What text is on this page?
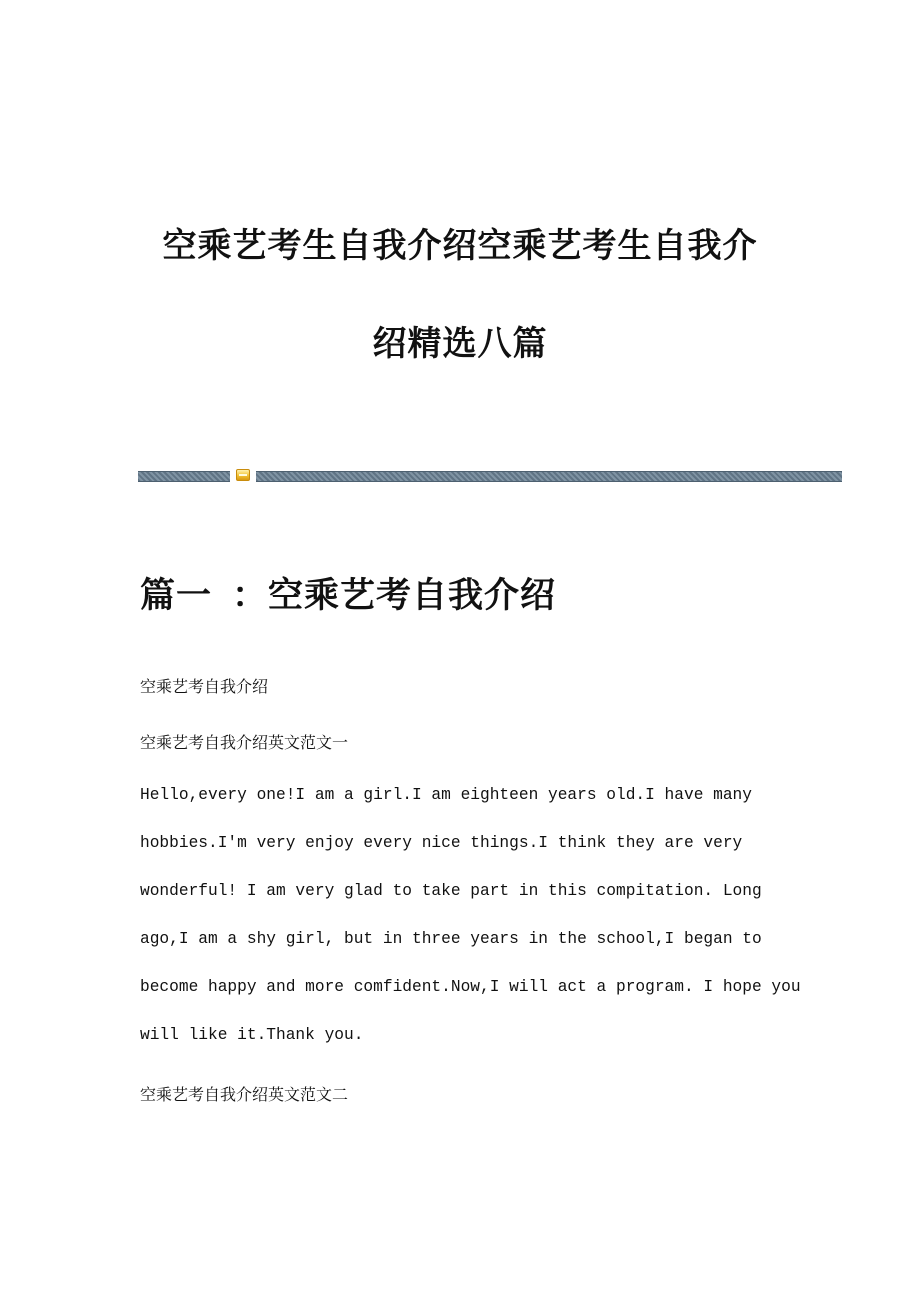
空乘艺考生自我介绍空乘艺考生自我介
绍精选八篇
篇一 ：空乘艺考自我介绍

空乘艺考自我介绍

空乘艺考自我介绍英文范文一

Hello,every one!I am a girl.I am eighteen years old.I have many

hobbies.I'm very enjoy every nice things.I think they are very

wonderful! I am very glad to take part in this compitation. Long

ago,I am a shy girl, but in three years in the school,I began to

become happy and more comfident.Now,I will act a program. I hope you

will like it.Thank you.

空乘艺考自我介绍英文范文二
